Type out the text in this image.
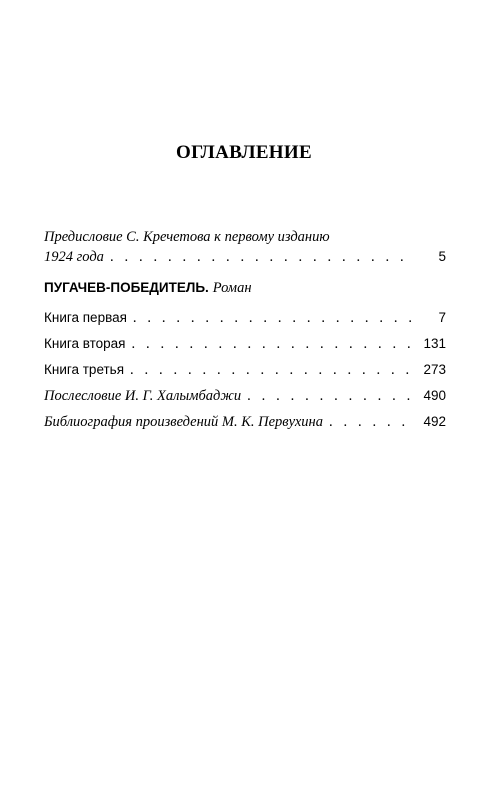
ОГЛАВЛЕНИЕ
Предисловие С. Кречетова к первому изданию
1924 года . .	5
ПУГАЧЕВ-ПОБЕДИТЕЛЬ. Роман
Книга первая . .	7
Книга вторая . .	131
Книга третья . .	273
Послесловие И. Г. Халымбаджи . .	490
Библиография произведений М. К. Первухина . .	492
